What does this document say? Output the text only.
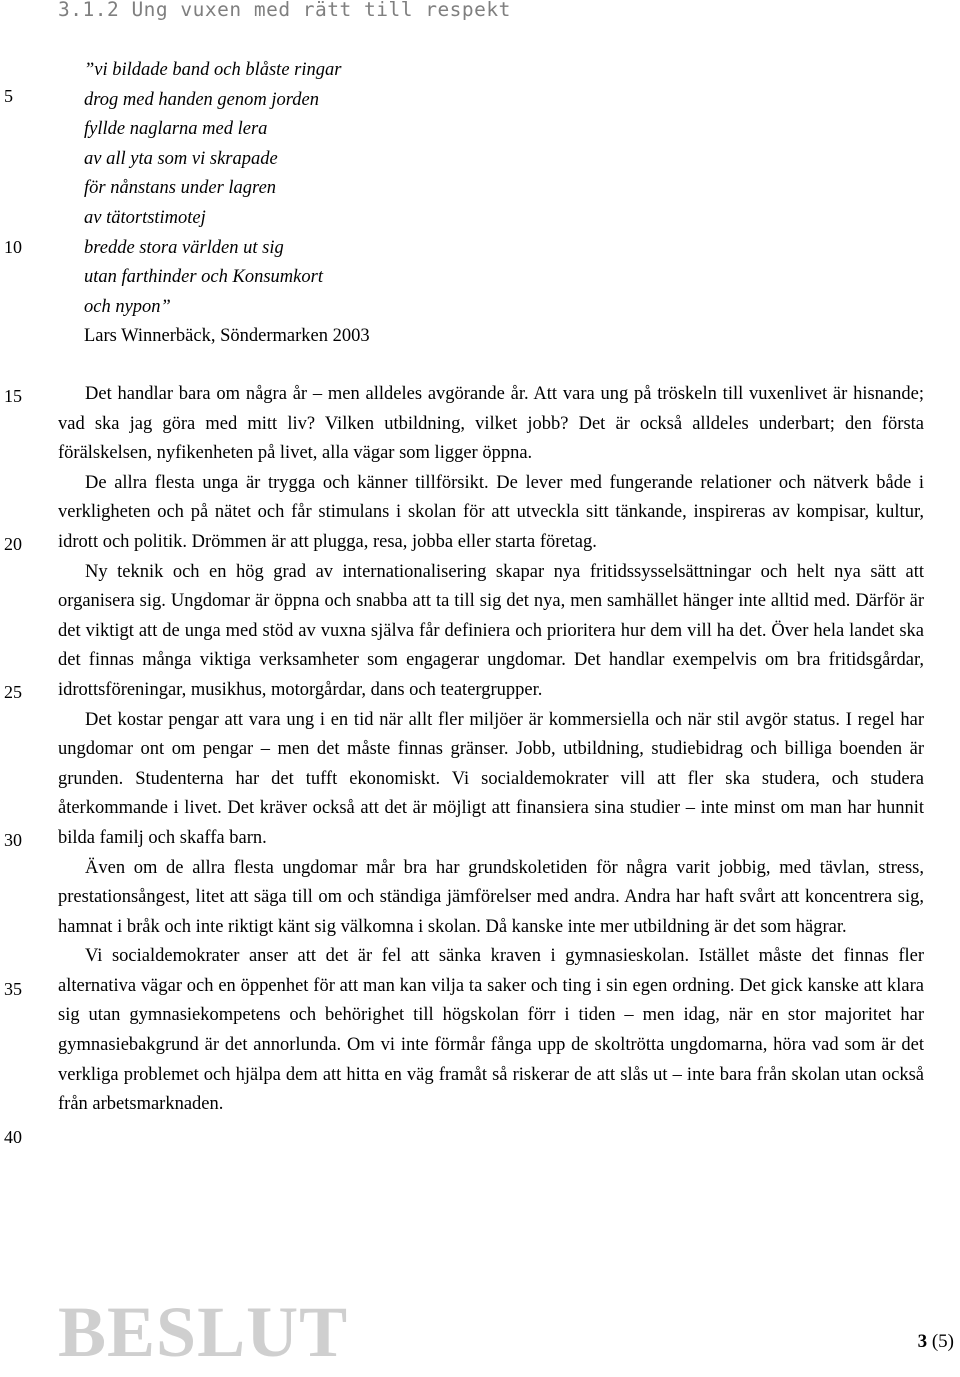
3.1.2 Ung vuxen med rätt till respekt
5
10
15
20
25
30
35
40
”vi bildade band och blåste ringar
drog med handen genom jorden
fyllde naglarna med lera
av all yta som vi skrapade
för nånstans under lagren
av tätortstimotej
bredde stora världen ut sig
utan farthinder och Konsumkort
och nypon”
Lars Winnerbäck, Söndermarken 2003

Det handlar bara om några år – men alldeles avgörande år. Att vara ung på tröskeln till vuxenlivet är hisnande; vad ska jag göra med mitt liv? Vilken utbildning, vilket jobb? Det är också alldeles underbart; den första förälskelsen, nyfikenheten på livet, alla vägar som ligger öppna.

De allra flesta unga är trygga och känner tillförsikt. De lever med fungerande relationer och nätverk både i verkligheten och på nätet och får stimulans i skolan för att utveckla sitt tänkande, inspireras av kompisar, kultur, idrott och politik. Drömmen är att plugga, resa, jobba eller starta företag.

Ny teknik och en hög grad av internationalisering skapar nya fritidssysselsättningar och helt nya sätt att organisera sig. Ungdomar är öppna och snabba att ta till sig det nya, men samhället hänger inte alltid med. Därför är det viktigt att de unga med stöd av vuxna själva får definiera och prioritera hur dem vill ha det. Över hela landet ska det finnas många viktiga verksamheter som engagerar ungdomar. Det handlar exempelvis om bra fritidsgårdar, idrottsföreningar, musikhus, motorgårdar, dans och teatergrupper.

Det kostar pengar att vara ung i en tid när allt fler miljöer är kommersiella och när stil avgör status. I regel har ungdomar ont om pengar – men det måste finnas gränser. Jobb, utbildning, studiebidrag och billiga boenden är grunden. Studenterna har det tufft ekonomiskt. Vi socialdemokrater vill att fler ska studera, och studera återkommande i livet. Det kräver också att det är möjligt att finansiera sina studier – inte minst om man har hunnit bilda familj och skaffa barn.

Även om de allra flesta ungdomar mår bra har grundskoletiden för några varit jobbig, med tävlan, stress, prestationsångest, litet att säga till om och ständiga jämförelser med andra. Andra har haft svårt att koncentrera sig, hamnat i bråk och inte riktigt känt sig välkomna i skolan. Då kanske inte mer utbildning är det som hägrar.

Vi socialdemokrater anser att det är fel att sänka kraven i gymnasieskolan. Istället måste det finnas fler alternativa vägar och en öppenhet för att man kan vilja ta saker och ting i sin egen ordning. Det gick kanske att klara sig utan gymnasiekompetens och behörighet till högskolan förr i tiden – men idag, när en stor majoritet har gymnasiebakgrund är det annorlunda. Om vi inte förmår fånga upp de skoltrötta ungdomarna, höra vad som är det verkliga problemet och hjälpa dem att hitta en väg framåt så riskerar de att slås ut – inte bara från skolan utan också från arbetsmarknaden.

BESLUT	3 (5)
